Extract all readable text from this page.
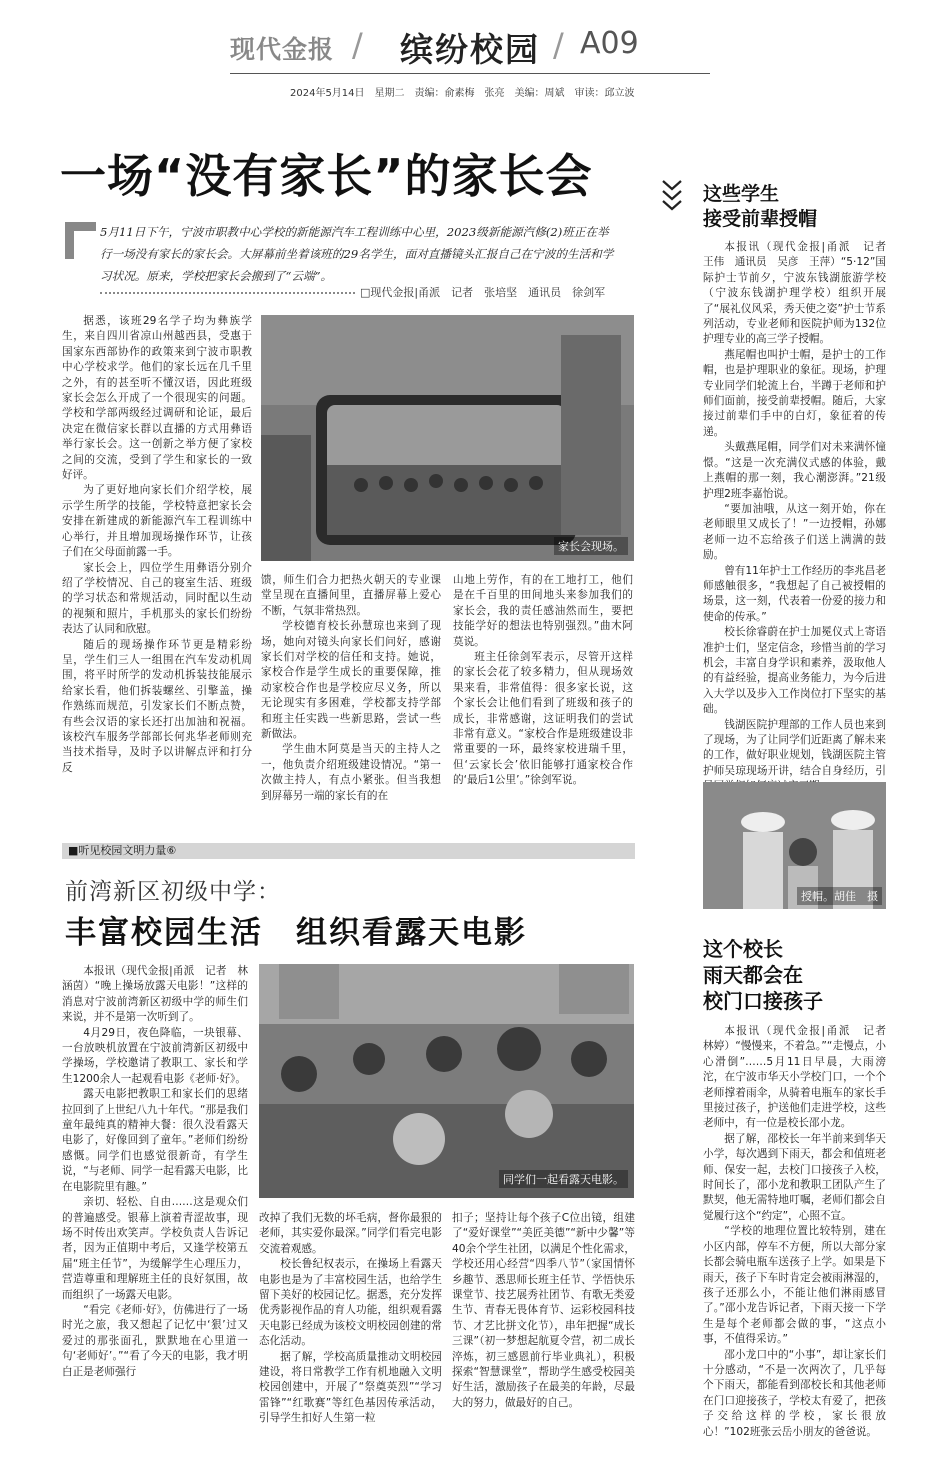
现代金报 / 缤纷校园 / A09
2024年5月14日　星期二　责编：俞素梅　张亮　美编：周斌　审读：邱立波
一场“没有家长”的家长会
5月11日下午，宁波市职教中心学校的新能源汽车工程训练中心里，2023级新能源汽修(2)班正在举行一场没有家长的家长会。大屏幕前坐着该班的29名学生，面对直播镜头汇报自己在宁波的生活和学习状况。原来，学校把家长会搬到了“云端”。
□现代金报|甬派　记者　张培坚　通讯员　徐剑军

据悉，该班29名学子均为彝族学生，来自四川省凉山州越西县，受惠于国家东西部协作的政策来到宁波市职教中心学校求学。他们的家长远在几千里之外，有的甚至听不懂汉语，因此班级家长会怎么开成了一个很现实的问题。学校和学部两级经过调研和论证，最后决定在微信家长群以直播的方式用彝语举行家长会。这一创新之举方便了家校之间的交流，受到了学生和家长的一致好评。

为了更好地向家长们介绍学校，展示学生所学的技能，学校特意把家长会安排在新建成的新能源汽车工程训练中心举行，并且增加现场操作环节，让孩子们在父母面前露一手。

家长会上，四位学生用彝语分别介绍了学校情况、自己的寝室生活、班级的学习状态和常规活动，同时配以生动的视频和照片，手机那头的家长们纷纷表达了认同和欣慰。

随后的现场操作环节更是精彩纷呈，学生们三人一组围在汽车发动机周围，将平时所学的发动机拆装技能展示给家长看，他们拆装螺丝、引擎盖，操作熟练而规范，引发家长们不断点赞，有些会汉语的家长还打出加油和祝福。该校汽车服务学部部长何兆华老师则充当技术指导，及时予以讲解点评和打分反

家长会现场。

馈，师生们合力把热火朝天的专业课堂呈现在直播间里，直播屏幕上爱心不断，气氛非常热烈。

学校德育校长孙慧琼也来到了现场，她向对镜头向家长们问好，感谢家长们对学校的信任和支持。她说，家校合作是学生成长的重要保障，推动家校合作也是学校应尽义务，所以无论现实有多困难，学校都支持学部和班主任实践一些新思路，尝试一些新做法。

学生曲木阿莫是当天的主持人之一，他负责介绍班级建设情况。“第一次做主持人，有点小紧张。但当我想到屏幕另一端的家长有的在

山地上劳作，有的在工地打工，他们是在千百里的田间地头来参加我们的家长会，我的责任感油然而生，要把技能学好的想法也特别强烈。”曲木阿莫说。

班主任徐剑军表示，尽管开这样的家长会花了较多精力，但从现场效果来看，非常值得：很多家长说，这个家长会让他们看到了班级和孩子的成长，非常感谢，这证明我们的尝试非常有意义。“家校合作是班级建设非常重要的一环，最终家校进瑞千里，但‘云家长会’依旧能够打通家校合作的‘最后1公里’。”徐剑军说。

这些学生
接受前辈授帽

本报讯（现代金报|甬派　记者　王伟　通讯员　吴彦　王萍）“5·12”国际护士节前夕，宁波东钱湖旅游学校（宁波东钱湖护理学校）组织开展了“展礼仪风采，秀天使之姿”护士节系列活动，专业老师和医院护师为132位护理专业的高三学子授帽。

燕尾帽也叫护士帽，是护士的工作帽，也是护理职业的象征。现场，护理专业同学们轮流上台，半蹲于老师和护师们面前，接受前辈授帽。随后，大家接过前辈们手中的白灯，象征着的传递。

头戴燕尾帽，同学们对未来满怀憧憬。“这是一次充满仪式感的体验，戴上燕帽的那一刻，我心潮澎湃。”21级护理2班李嘉怡说。

“要加油哦，从这一刻开始，你在老师眼里又成长了！”一边授帽，孙娜老师一边不忘给孩子们送上满满的鼓励。

曾有11年护士工作经历的李兆昌老师感触很多，“我想起了自己被授帽的场景，这一刻，代表着一份爱的接力和使命的传承。”

校长徐睿蔚在护士加冕仪式上寄语准护士们，坚定信念，珍惜当前的学习机会，丰富自身学识和素养，汲取他人的有益经验，提高业务能力，为今后进入大学以及步入工作岗位打下坚实的基础。

钱湖医院护理部的工作人员也来到了现场，为了让同学们近距离了解未来的工作，做好职业规划，钱湖医院主管护师吴琼现场开讲，结合自身经历，引

授帽。胡佳　摄
这个校长
雨天都会在
校门口接孩子

本报讯（现代金报|甬派　记者　林婷）“慢慢来，不着急。”“走慢点，小心滑倒”……5月11日早晨，大雨滂沱，在宁波市华天小学校门口，一个个老师撑着雨伞，从骑着电瓶车的家长手里接过孩子，护送他们走进学校，这些老师中，有一位是校长邵小龙。

据了解，邵校长一年半前来到华天小学，每次遇到下雨天，都会和值班老师、保安一起，去校门口接孩子入校，时间长了，邵小龙和教职工团队产生了默契，他无需特地叮嘱，老师们都会自觉履行这个“约定”，心照不宣。

“学校的地理位置比较特别，建在小区内部，停车不方便，所以大部分家长都会骑电瓶车送孩子上学。如果是下雨天，孩子下车时肯定会被雨淋湿的，孩子还那么小，不能让他们淋雨感冒了。”邵小龙告诉记者，下雨天接一下学生是每个老师都会做的事，“这点小事，不值得采访。”

邵小龙口中的“小事”，却让家长们十分感动，“不是一次两次了，几乎每个下雨天，都能看到邵校长和其他老师在门口迎接孩子，学校太有爱了，把孩子交给这样的学校，家长很放心！”102班张云岳小朋友的爸爸说。

■听见校园文明力量⑥
前湾新区初级中学：
丰富校园生活　组织看露天电影

本报讯（现代金报|甬派　记者　林涵茵）“晚上操场放露天电影！”这样的消息对宁波前湾新区初级中学的师生们来说，并不是第一次听到了。

4月29日，夜色降临，一块银幕、一台放映机放置在宁波前湾新区初级中学操场，学校邀请了教职工、家长和学生1200余人一起观看电影《老师·好》。

露天电影把教职工和家长们的思绪拉回到了上世纪八九十年代。“那是我们童年最纯真的精神大餐：很久没看露天电影了，好像回到了童年。”老师们纷纷感慨。同学们也感觉很新奇，有学生说，“与老师、同学一起看露天电影，比在电影院里有趣。”

亲切、轻松、自由……这是观众们的普遍感受。银幕上演着青涩故事，现场不时传出欢笑声。学校负责人告诉记者，因为正值期中考后，又逢学校第五届“班主任节”，为缓解学生心理压力，营造尊重和理解班主任的良好氛围，故而组织了一场露天电影。

“看完《老师·好》，仿佛进行了一场时光之旅，我又想起了记忆中‘狠’过又爱过的那张面孔，默默地在心里道一句‘老师好’。”“看了今天的电影，我才明白正是老师强行

同学们一起看露天电影。

改掉了我们无数的坏毛病，督你最狠的老师，其实爱你最深。”同学们看完电影交流着观感。

校长鲁纪权表示，在操场上看露天电影也是为了丰富校园生活，也给学生留下美好的校园记忆。据悉，充分发挥优秀影视作品的育人功能，组织观看露天电影已经成为该校文明校园创建的常态化活动。

据了解，学校高质量推动文明校园建设，将日常教学工作有机地融入文明校园创建中，开展了“祭奠英烈”“学习雷锋”“红歌赛”等红色基因传承活动，引导学生扣好人生第一粒

扣子；坚持让每个孩子C位出镜，组建了“爱好课堂”“美匠美德”“新中少馨”等40余个学生社团，以满足个性化需求，学校还用心经营“四季八节”（家国情怀乡趣节、悉思师长班主任节、学悟快乐课堂节、技艺展秀社团节、有歌无类爱生节、青春无畏体育节、运彩校园科技节、才艺比拼文化节），串年把握“成长三课”（初一梦想起航夏令营，初二成长淬炼，初三感恩前行毕业典礼），积极探索“智慧课堂”，帮助学生感受校园美好生活，激励孩子在最美的年龄，尽最大的努力，做最好的自己。
